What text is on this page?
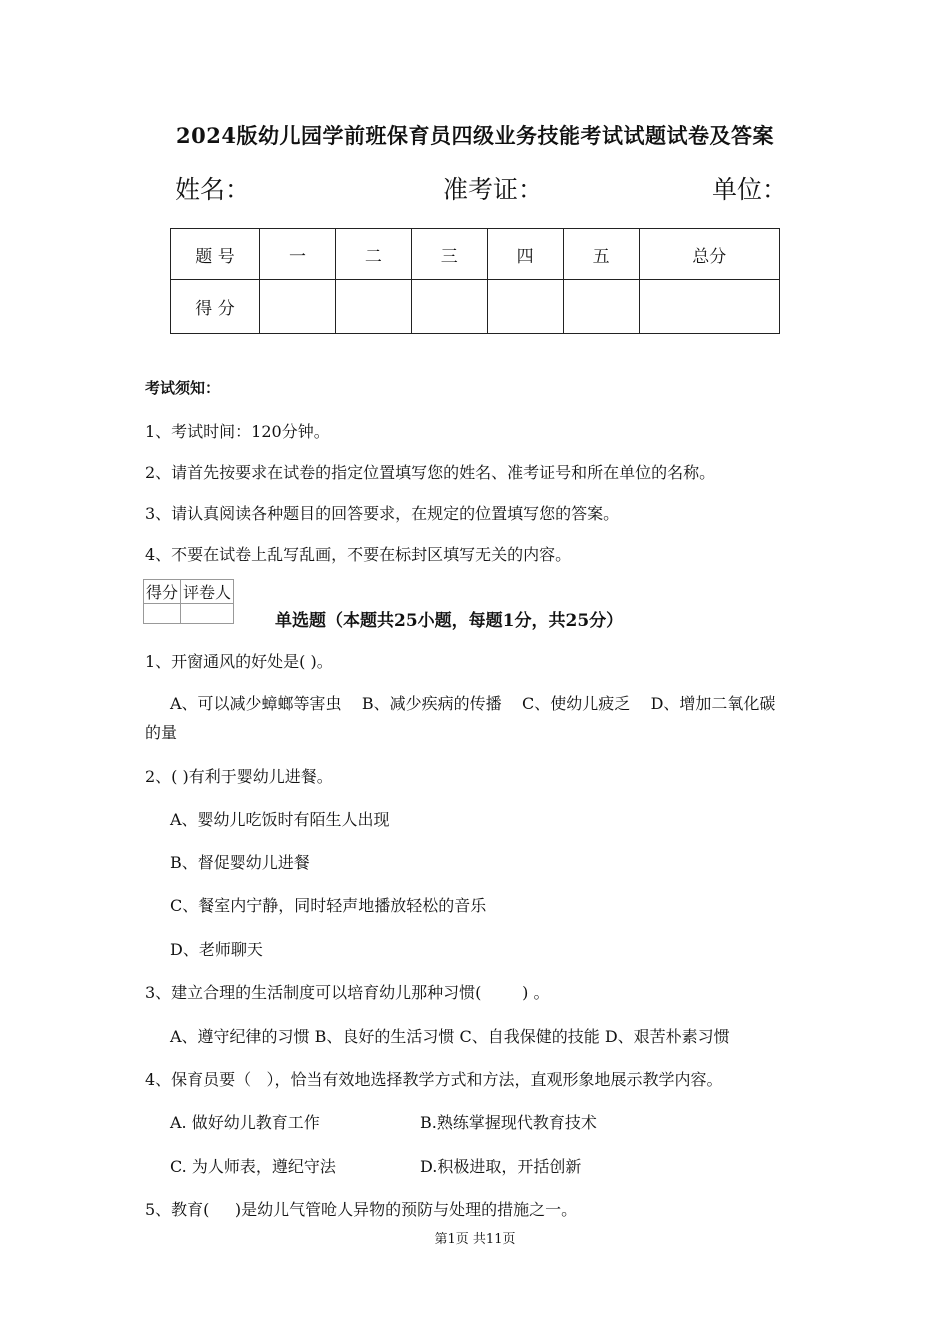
2024版幼儿园学前班保育员四级业务技能考试试题试卷及答案
姓名：	准考证：	单位：
题 号	一	二	三	四	五	总分
得 分						
考试须知：
1、考试时间：120分钟。
2、请首先按要求在试卷的指定位置填写您的姓名、准考证号和所在单位的名称。
3、请认真阅读各种题目的回答要求，在规定的位置填写您的答案。
4、不要在试卷上乱写乱画，不要在标封区填写无关的内容。
得分	评卷人

单选题（本题共25小题，每题1分，共25分）
1、开窗通风的好处是( )。
A、可以减少蟑螂等害虫    B、减少疾病的传播    C、使幼儿疲乏    D、增加二氧化碳
的量
2、( )有利于婴幼儿进餐。
A、婴幼儿吃饭时有陌生人出现
B、督促婴幼儿进餐
C、餐室内宁静，同时轻声地播放轻松的音乐
D、老师聊天
3、建立合理的生活制度可以培育幼儿那种习惯(        ) 。
A、遵守纪律的习惯 B、良好的生活习惯 C、自我保健的技能 D、艰苦朴素习惯
4、保育员要（   ），恰当有效地选择教学方式和方法，直观形象地展示教学内容。
A. 做好幼儿教育工作	B.熟练掌握现代教育技术
C. 为人师表，遵纪守法	D.积极进取，开括创新
5、教育(     )是幼儿气管呛人异物的预防与处理的措施之一。
第1页 共11页
